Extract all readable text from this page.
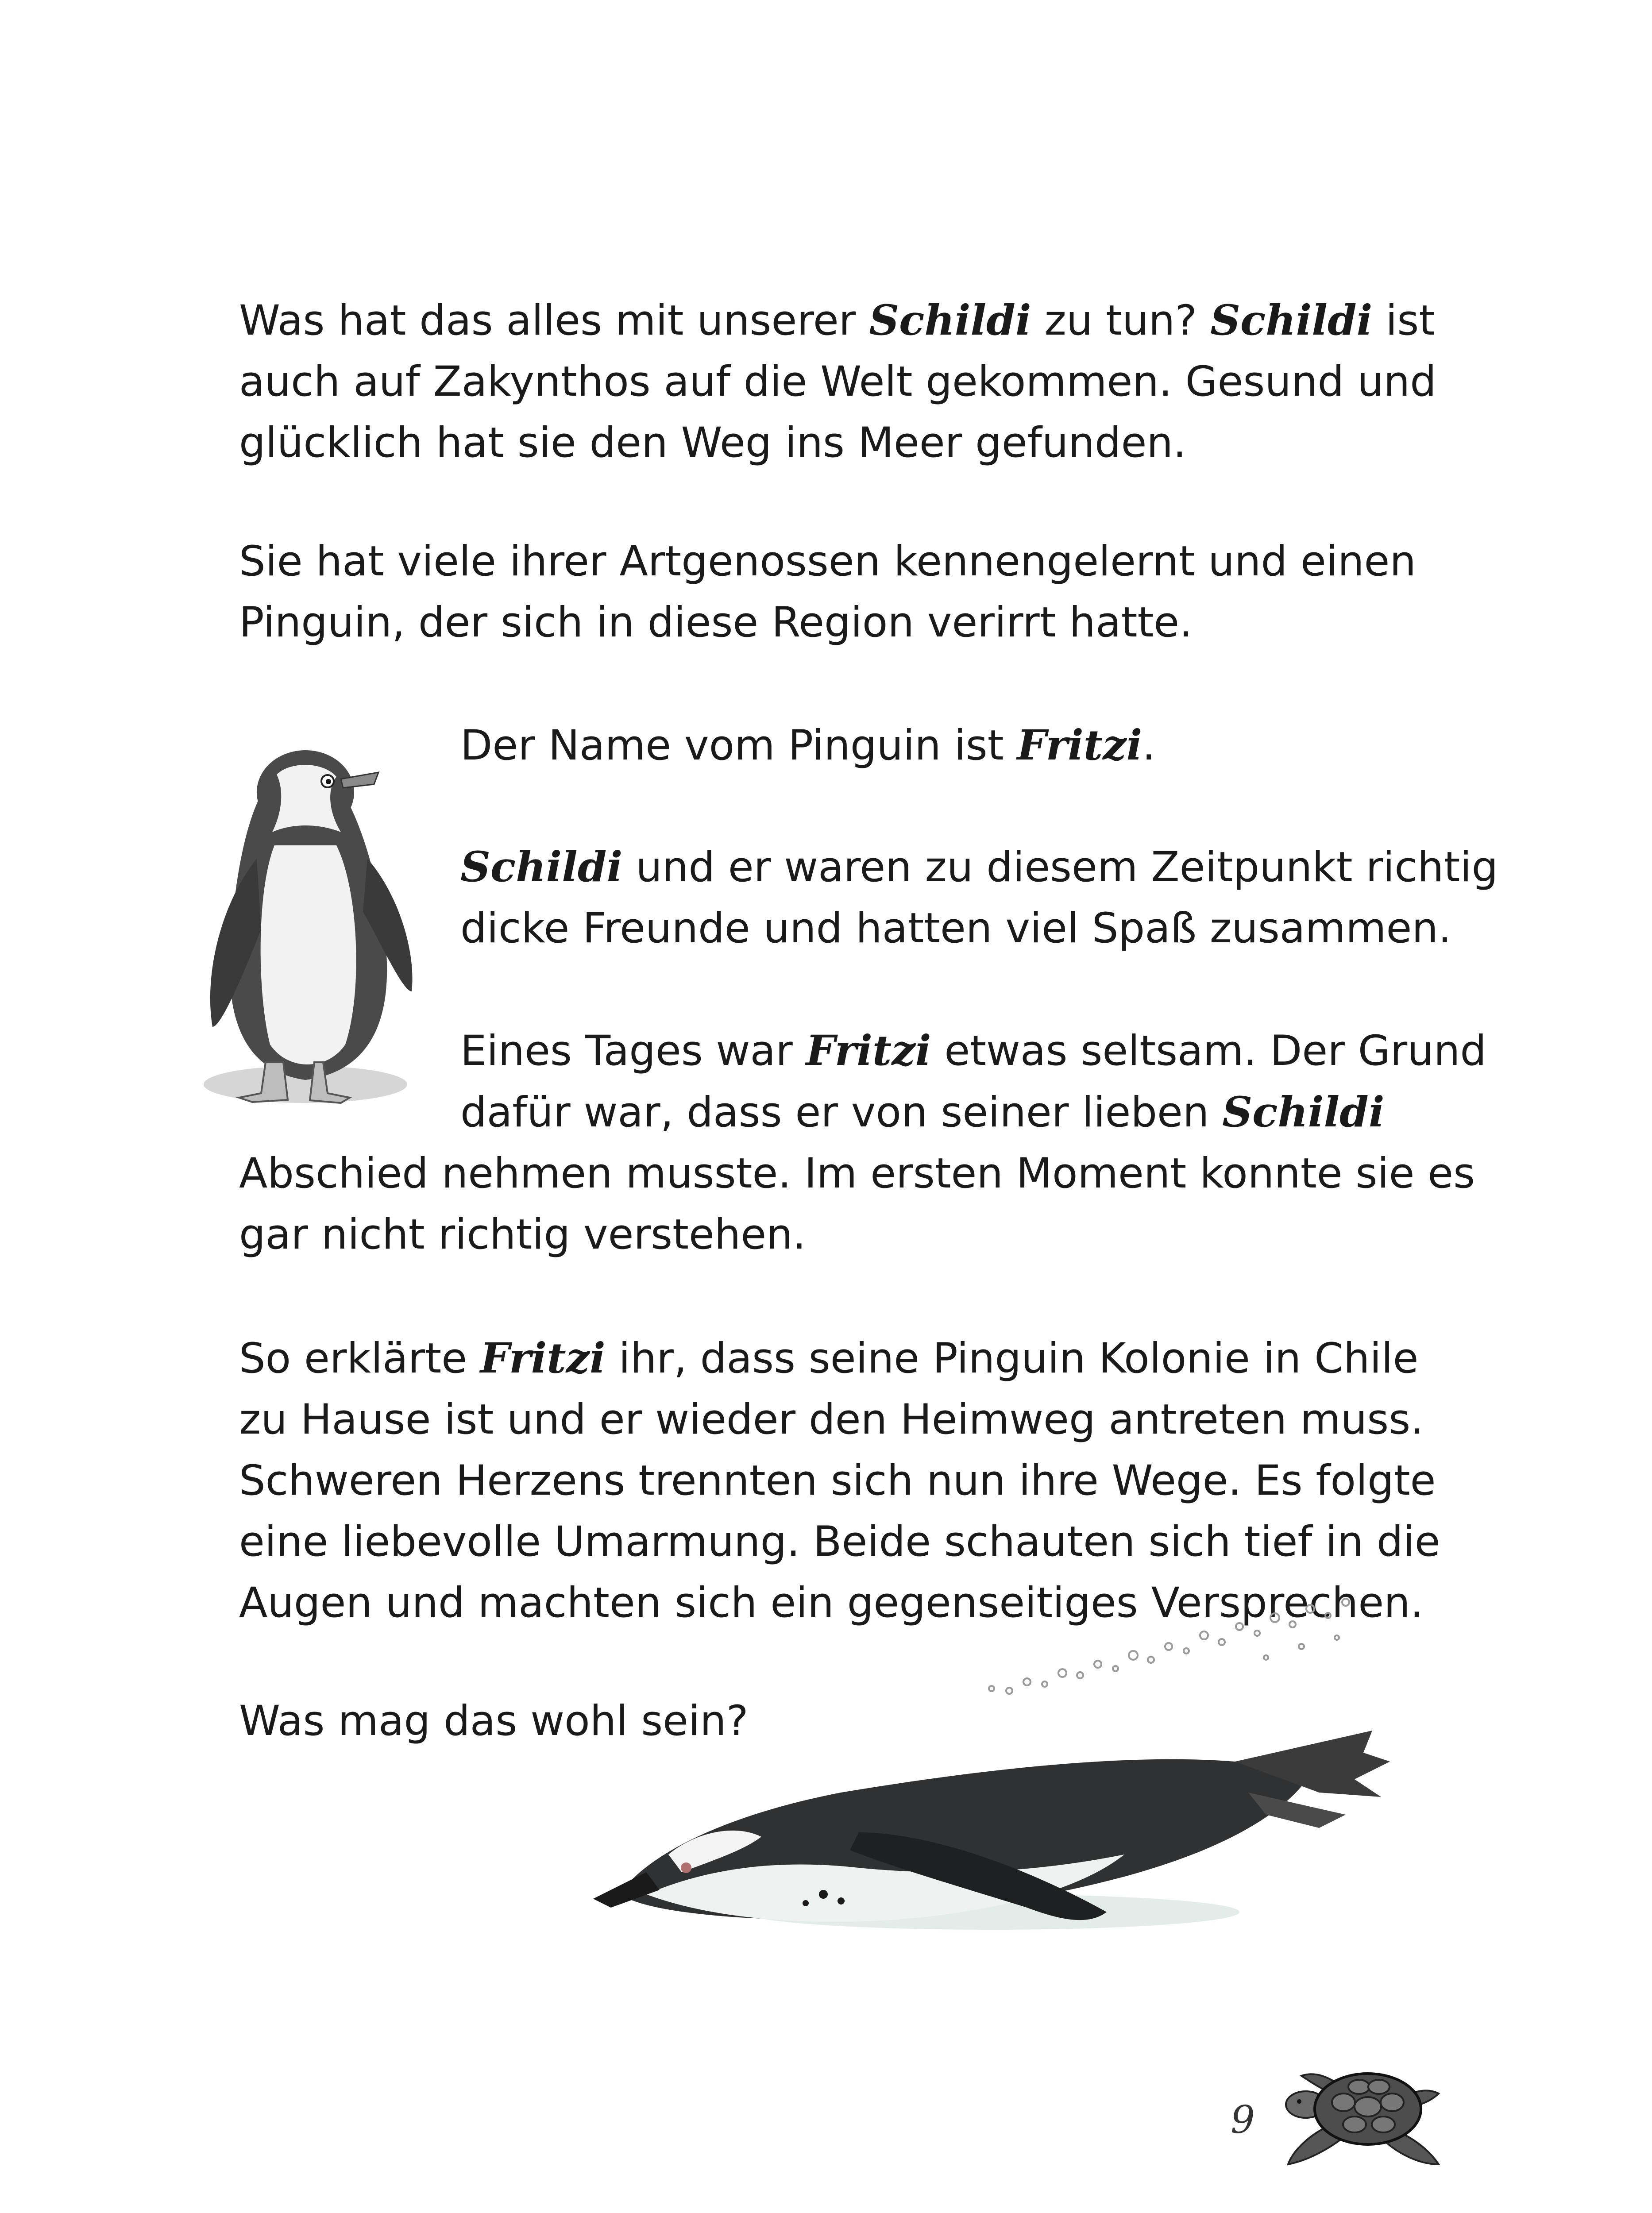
Was hat das alles mit unserer Schildi zu tun? Schildi ist
auch auf Zakynthos auf die Welt gekommen. Gesund und
glücklich hat sie den Weg ins Meer gefunden.
Sie hat viele ihrer Artgenossen kennengelernt und einen
Pinguin, der sich in diese Region verirrt hatte.
Der Name vom Pinguin ist Fritzi.
Schildi und er waren zu diesem Zeitpunkt richtig
dicke Freunde und hatten viel Spaß zusammen.
Eines Tages war Fritzi etwas seltsam. Der Grund
dafür war, dass er von seiner lieben Schildi
Abschied nehmen musste. Im ersten Moment konnte sie es
gar nicht richtig verstehen.
So erklärte Fritzi ihr, dass seine Pinguin Kolonie in Chile
zu Hause ist und er wieder den Heimweg antreten muss.
Schweren Herzens trennten sich nun ihre Wege. Es folgte
eine liebevolle Umarmung. Beide schauten sich tief in die
Augen und machten sich ein gegenseitiges Versprechen.
Was mag das wohl sein?
9
